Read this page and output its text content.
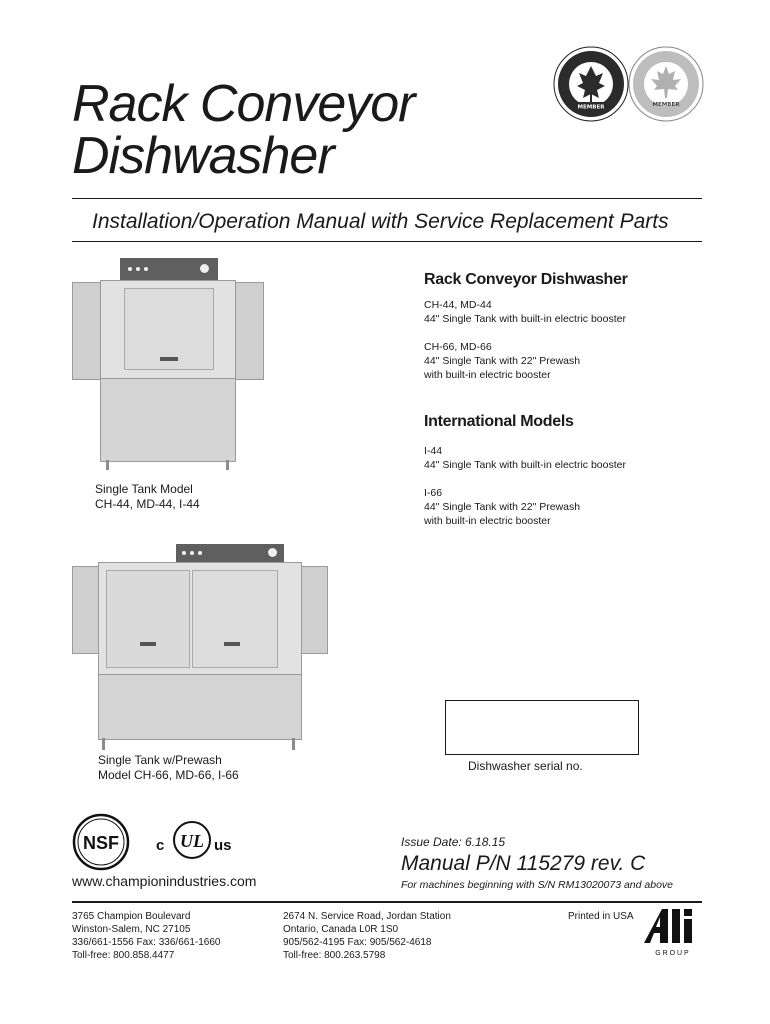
Rack Conveyor
Dishwasher
MEMBER	MEMBER
Installation/Operation Manual with Service Replacement Parts
Rack Conveyor Dishwasher
CH-44, MD-44
44" Single Tank with built-in electric booster
CH-66, MD-66
44" Single Tank with 22" Prewash
with built-in electric booster
International Models
I-44
44" Single Tank with built-in electric booster
I-66
44" Single Tank with 22" Prewash
with built-in electric booster
Single Tank Model
CH-44, MD-44, I-44
Dishwasher serial no.
Single Tank w/Prewash
Model CH-66, MD-66, I-66
NSF c UL us	Issue Date: 6.18.15
Manual P/N 115279 rev. C
www.championindustries.com	For machines beginning with S/N RM13020073 and above
3765 Champion Boulevard
Winston-Salem, NC 27105
336/661-1556 Fax: 336/661-1660
Toll-free: 800.858.4477
2674 N. Service Road, Jordan Station
Ontario, Canada L0R 1S0
905/562-4195 Fax: 905/562-4618
Toll-free: 800.263.5798
Printed in USA
G R O U P
